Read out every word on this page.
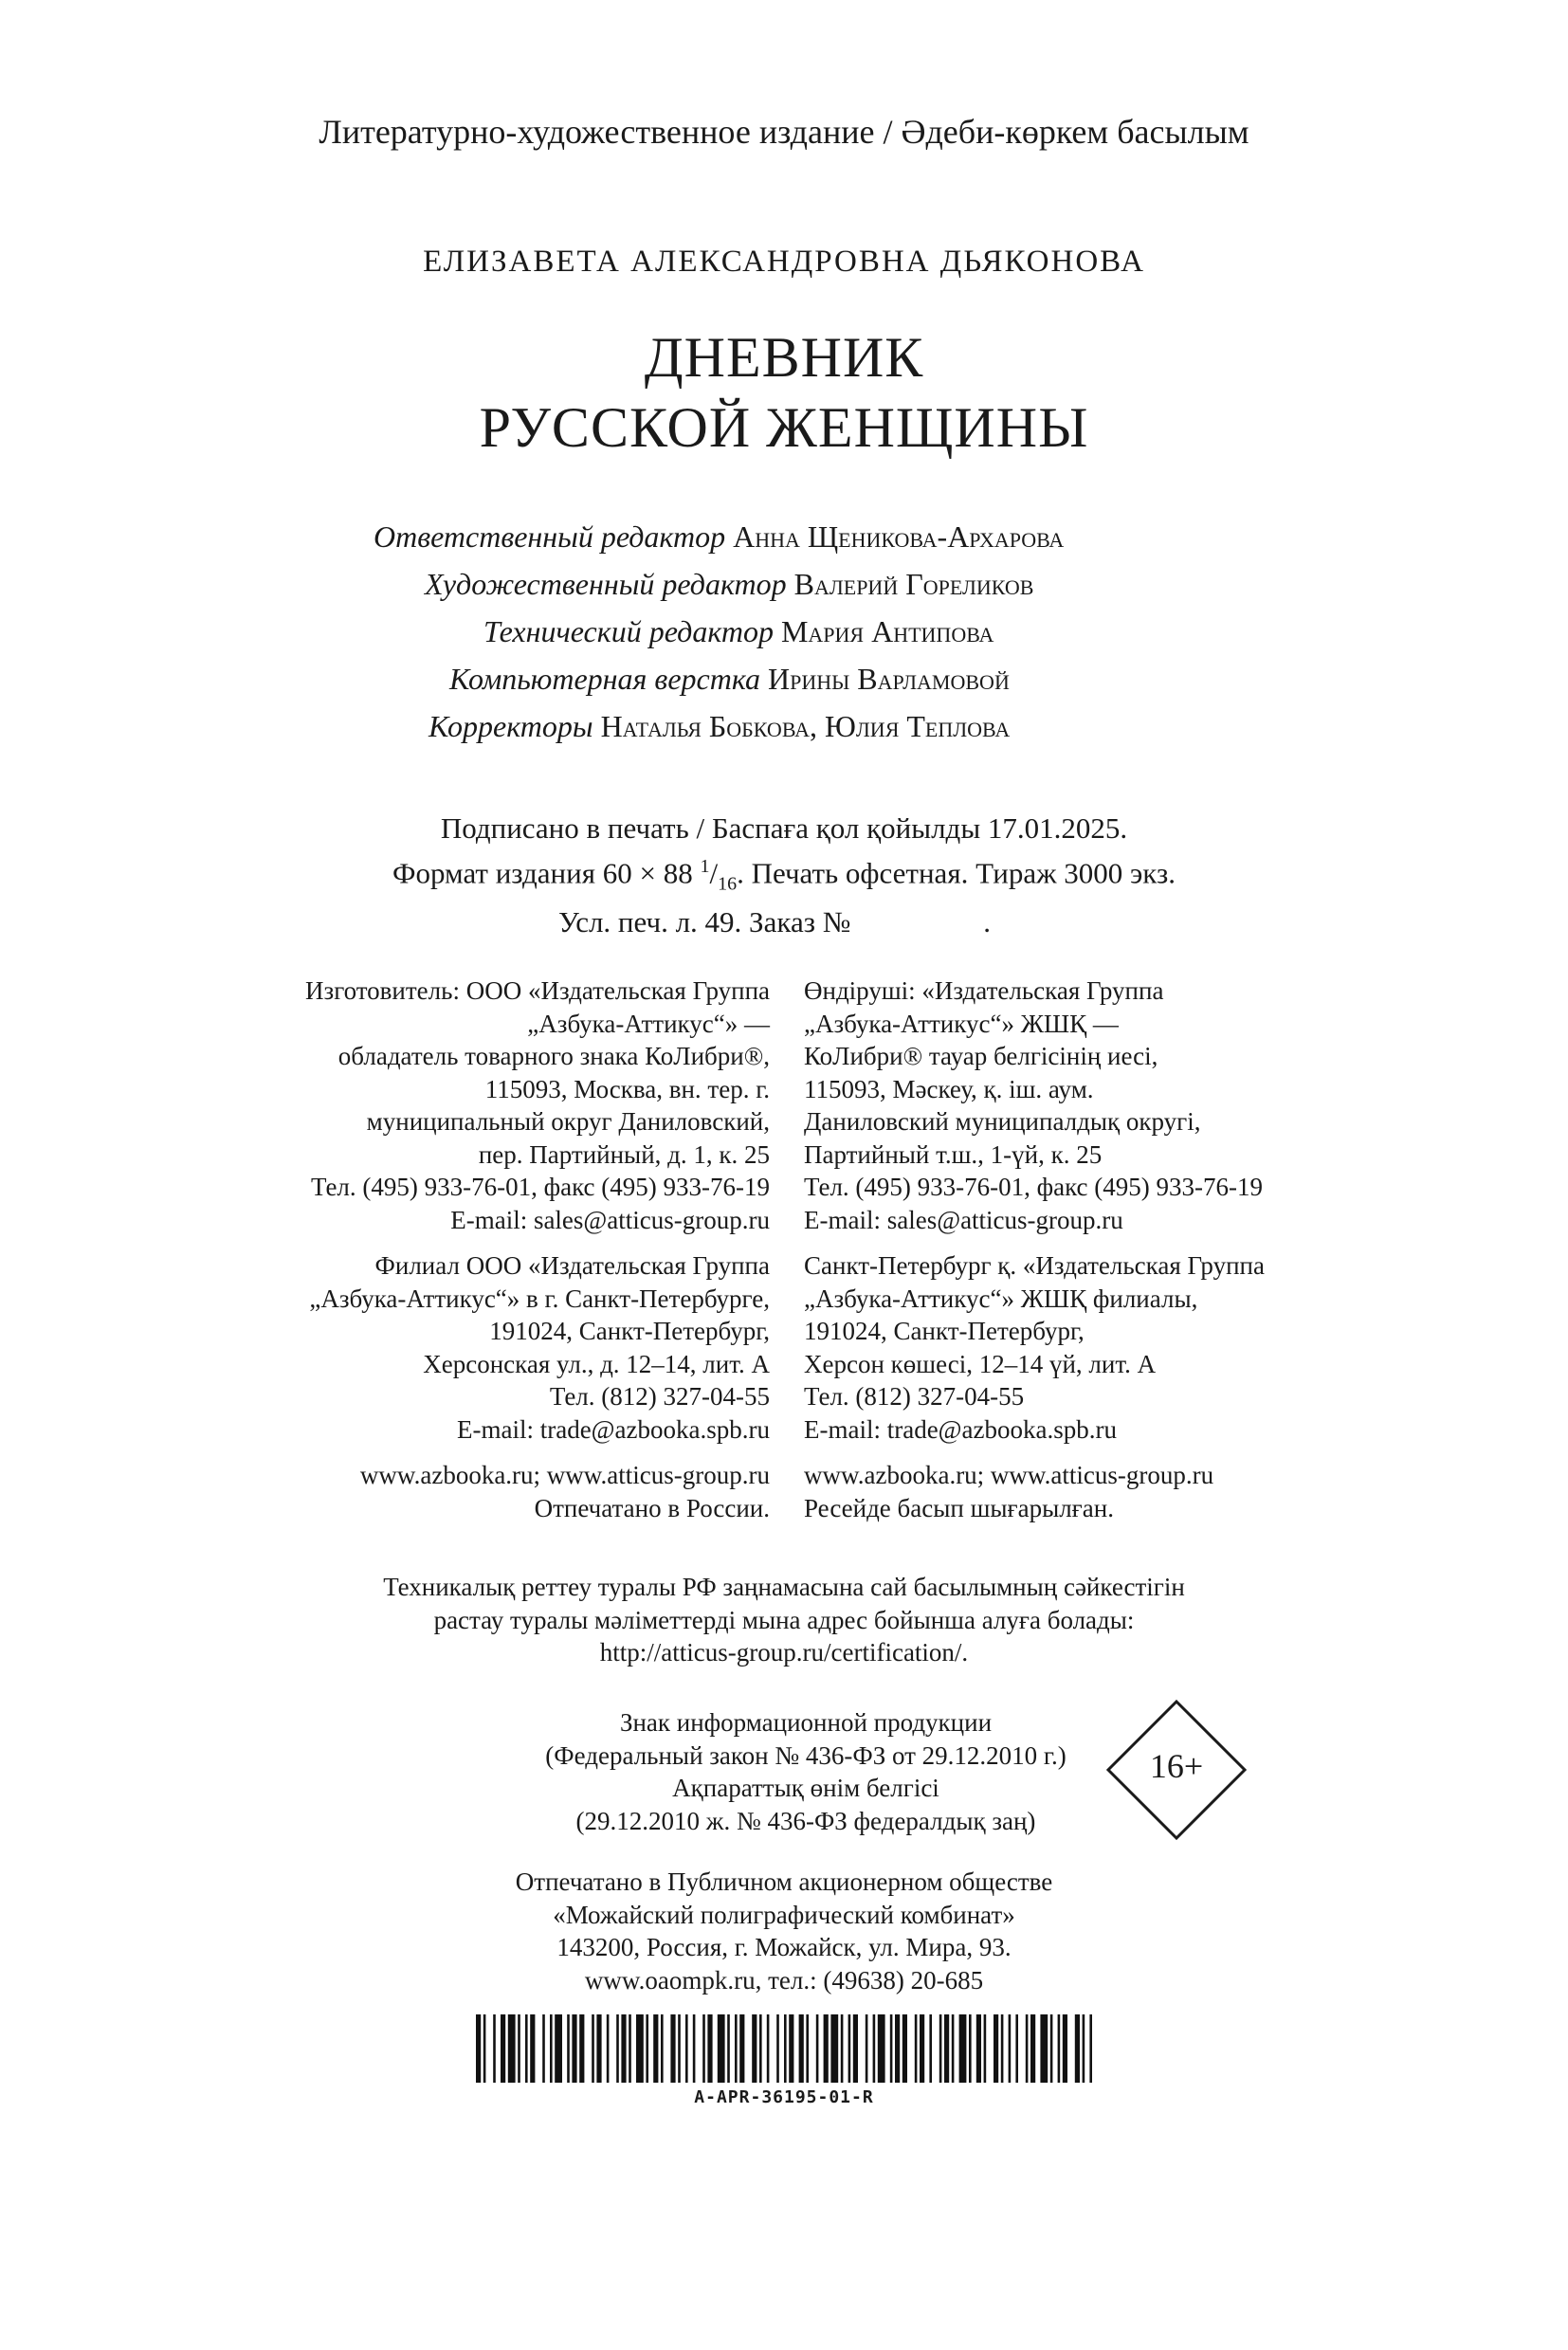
Литературно-художественное издание / Әдеби-көркем басылым
ЕЛИЗАВЕТА АЛЕКСАНДРОВНА ДЬЯКОНОВА
ДНЕВНИК
РУССКОЙ ЖЕНЩИНЫ
Ответственный редактор Анна Щеникова-Архарова
Художественный редактор Валерий Гореликов
Технический редактор Мария Антипова
Компьютерная верстка Ирины Варламовой
Корректоры Наталья Бобкова, Юлия Теплова
Подписано в печать / Баспаға қол қойылды 17.01.2025.
Формат издания 60 × 88 $^1/_{16}$. Печать офсетная. Тираж 3000 экз.
Усл. печ. л. 49. Заказ №	.
Изготовитель: ООО «Издательская Группа
„Азбука-Аттикус“» —
обладатель товарного знака КоЛибри®,
115093, Москва, вн. тер. г.
муниципальный округ Даниловский,
пер. Партийный, д. 1, к. 25
Тел. (495) 933-76-01, факс (495) 933-76-19
E-mail: sales@atticus-group.ru
Филиал ООО «Издательская Группа
„Азбука-Аттикус“» в г. Санкт-Петербурге,
191024, Санкт-Петербург,
Херсонская ул., д. 12–14, лит. А
Тел. (812) 327-04-55
E-mail: trade@azbooka.spb.ru
www.azbooka.ru; www.atticus-group.ru
Отпечатано в России.
Өндіруші: «Издательская Группа
„Азбука-Аттикус“» ЖШҚ —
КоЛибри® тауар белгісінің иесі,
115093, Мәскеу, қ. іш. аум.
Даниловский муниципалдық округі,
Партийный т.ш., 1-үй, к. 25
Тел. (495) 933-76-01, факс (495) 933-76-19
E-mail: sales@atticus-group.ru
Санкт-Петербург қ. «Издательская Группа
„Азбука-Аттикус“» ЖШҚ филиалы,
191024, Санкт-Петербург,
Херсон көшесі, 12–14 үй, лит. А
Тел. (812) 327-04-55
E-mail: trade@azbooka.spb.ru
www.azbooka.ru; www.atticus-group.ru
Ресейде басып шығарылған.
Техникалық реттеу туралы РФ заңнамасына сай басылымның сәйкестігін
растау туралы мәліметтерді мына адрес бойынша алуға болады:
http://atticus-group.ru/certification/.
Знак информационной продукции
(Федеральный закон № 436-ФЗ от 29.12.2010 г.)
Ақпараттық өнім белгісі
(29.12.2010 ж. № 436-ФЗ федералдық заң)
16+
Отпечатано в Публичном акционерном обществе
«Можайский полиграфический комбинат»
143200, Россия, г. Можайск, ул. Мира, 93.
www.oaompk.ru, тел.: (49638) 20-685
A-APR-36195-01-R
